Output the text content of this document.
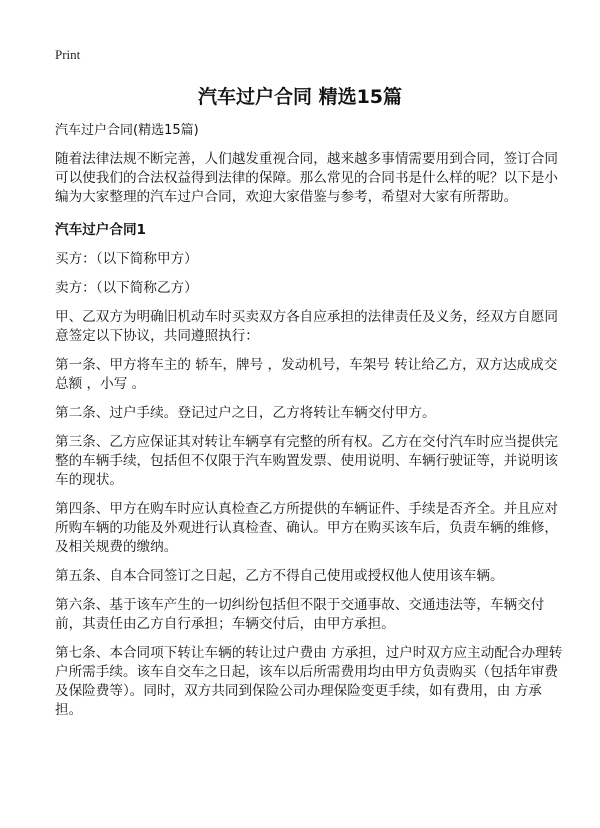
Print
汽车过户合同 精选15篇

汽车过户合同(精选15篇)

随着法律法规不断完善，人们越发重视合同，越来越多事情需要用到合同，签订合同可以使我们的合法权益得到法律的保障。那么常见的合同书是什么样的呢？以下是小编为大家整理的汽车过户合同，欢迎大家借鉴与参考，希望对大家有所帮助。

汽车过户合同1

买方：（以下简称甲方）

卖方：（以下简称乙方）

甲、乙双方为明确旧机动车时买卖双方各自应承担的法律责任及义务，经双方自愿同意签定以下协议，共同遵照执行：

第一条、甲方将车主的 轿车，牌号 ，发动机号，车架号 转让给乙方，双方达成成交总额 ，小写 。

第二条、过户手续。登记过户之日，乙方将转让车辆交付甲方。

第三条、乙方应保证其对转让车辆享有完整的所有权。乙方在交付汽车时应当提供完整的车辆手续，包括但不仅限于汽车购置发票、使用说明、车辆行驶证等，并说明该车的现状。

第四条、甲方在购车时应认真检查乙方所提供的车辆证件、手续是否齐全。并且应对所购车辆的功能及外观进行认真检查、确认。甲方在购买该车后，负责车辆的维修，及相关规费的缴纳。

第五条、自本合同签订之日起，乙方不得自己使用或授权他人使用该车辆。

第六条、基于该车产生的一切纠纷包括但不限于交通事故、交通违法等，车辆交付前，其责任由乙方自行承担；车辆交付后，由甲方承担。

第七条、本合同项下转让车辆的转让过户费由 方承担，过户时双方应主动配合办理转户所需手续。该车自交车之日起，该车以后所需费用均由甲方负责购买（包括年审费及保险费等）。同时，双方共同到保险公司办理保险变更手续，如有费用，由 方承担。
